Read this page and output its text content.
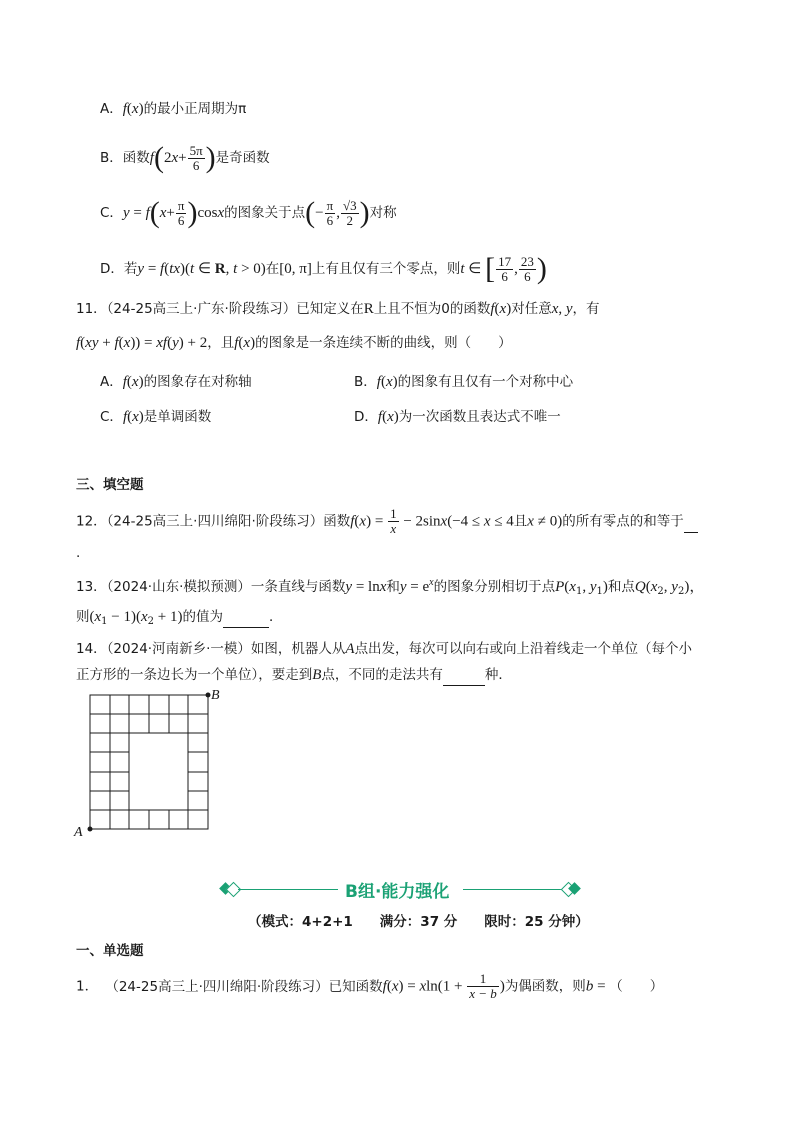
A．f(x)的最小正周期为π
B．函数$f(2x+ \frac{5\pi}{6}$ )是奇函数
C．$y = f(x+ \frac{\pi}{6} )\cos x$的图象关于点(− $\frac{\pi}{6}$ , $\frac{√3}{2}$ )对称
D．若y = f(tx)(t ∈ R, t > 0)在[0, π]上有且仅有三个零点，则t ∈ [ $\frac{17}{6}$ , $\frac{23}{6}$ )
11．（24-25高三上·广东·阶段练习）已知定义在R上且不恒为0的函数f(x)对任意x, y，有
f(xy + f(x)) = xf(y) + 2，且f(x)的图象是一条连续不断的曲线，则（　　）
A．f(x)的图象存在对称轴	B．f(x)的图象有且仅有一个对称中心
C．f(x)是单调函数	D．f(x)为一次函数且表达式不唯一
三、填空题
12．（24-25高三上·四川绵阳·阶段练习）函数$f(x) = \frac{1}{x} - 2\sin x(-4 \le x \le 4$且x ≠ 0)的所有零点的和等于
.
13．（2024·山东·模拟预测）一条直线与函数y = lnx和$y = e^x$的图象分别相切于点$P(x_1$, $y_1$)和点$Q(x_2$, $y_2$)，
则$(x_1 - 1)(x_2 + 1)$的值为	．
14．（2024·河南新乡·一模）如图，机器人从A点出发，每次可以向右或向上沿着线走一个单位（每个小
正方形的一条边长为一个单位），要走到B点，不同的走法共有	种．
A
B
B组·能力强化
（模式：4+2+1　　满分：37 分　　限时：25 分钟）
一、单选题
1． （24-25高三上·四川绵阳·阶段练习）已知函数$f(x) = xln(1 + \frac{1}{x - b}$ )为偶函数，则b = （　　）
